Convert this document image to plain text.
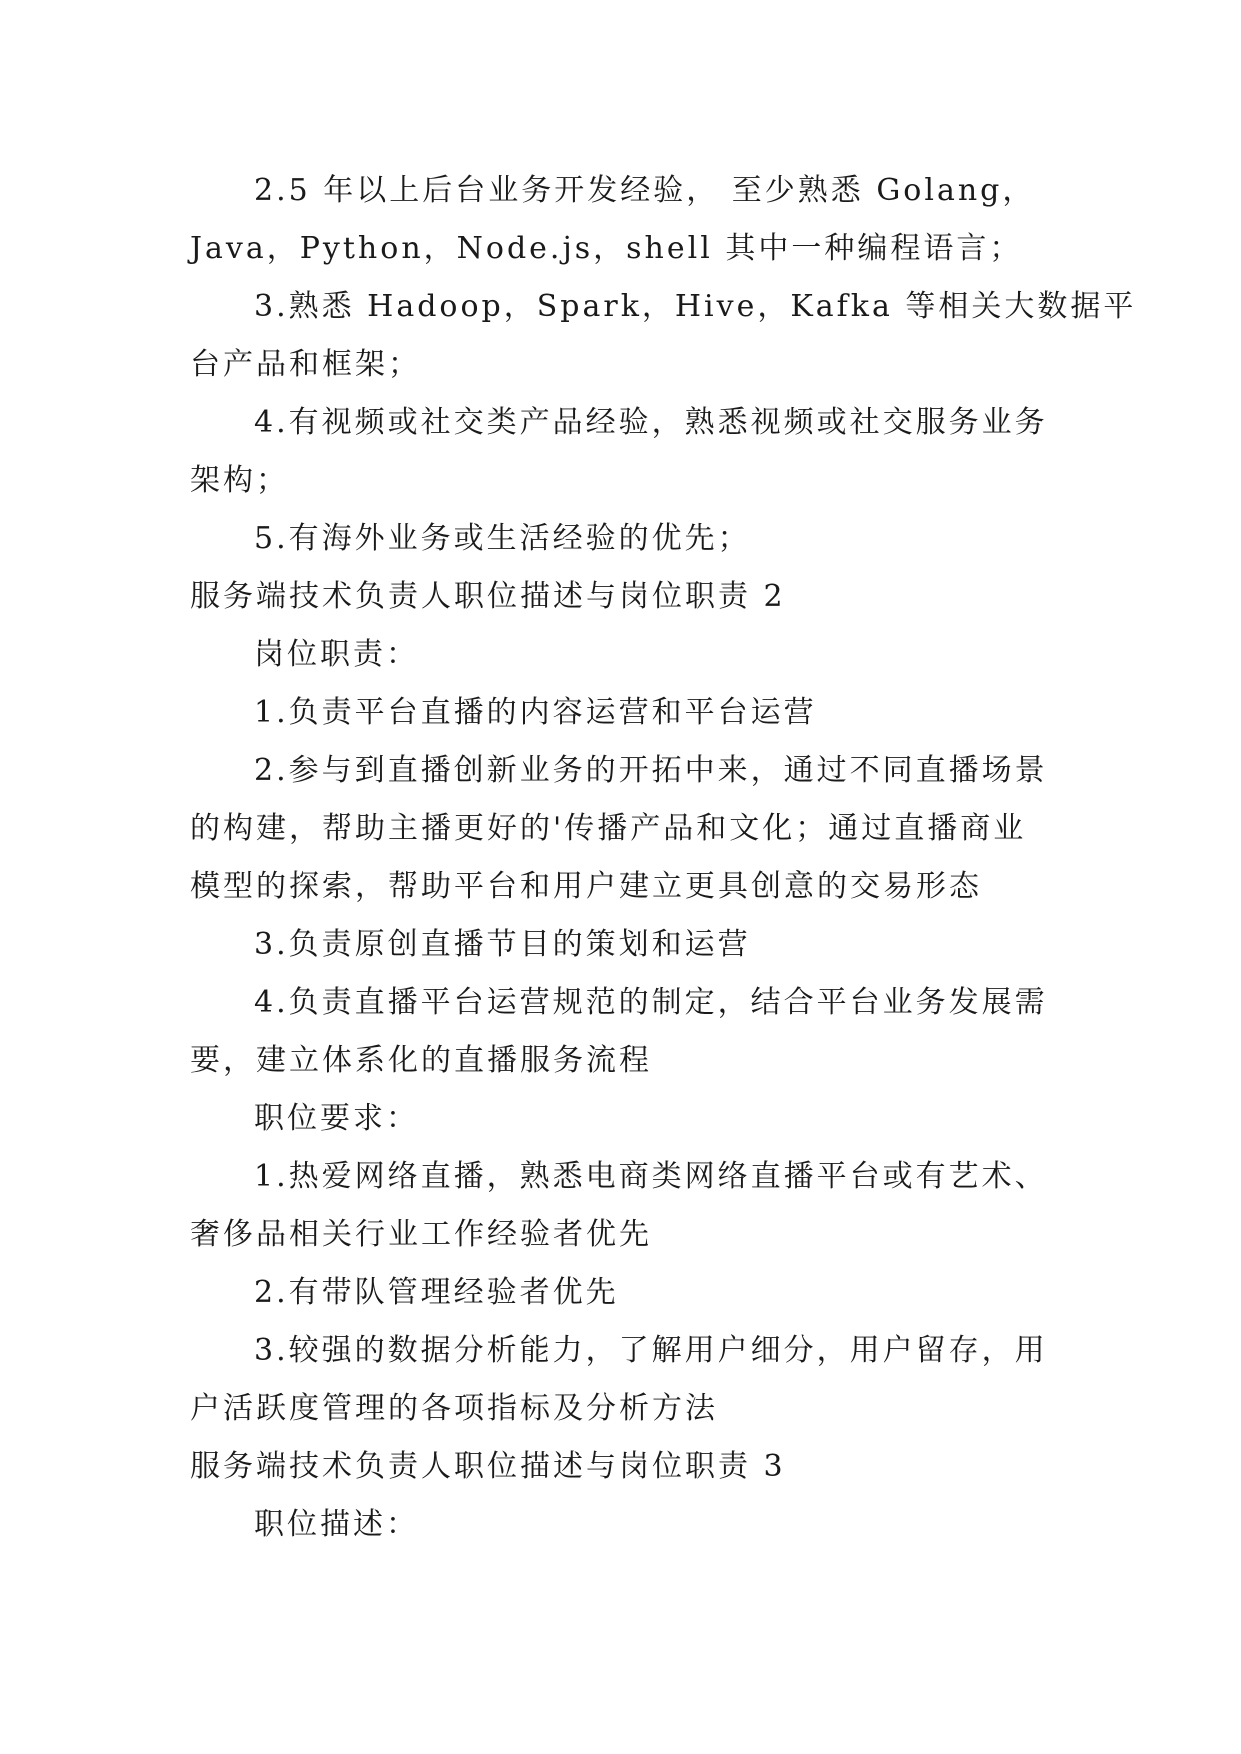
2.5 年以上后台业务开发经验， 至少熟悉 Golang，
Java，Python，Node.js，shell 其中一种编程语言；
3.熟悉 Hadoop，Spark，Hive，Kafka 等相关大数据平
台产品和框架；
4.有视频或社交类产品经验，熟悉视频或社交服务业务
架构；
5.有海外业务或生活经验的优先；
服务端技术负责人职位描述与岗位职责 2
岗位职责：
1.负责平台直播的内容运营和平台运营
2.参与到直播创新业务的开拓中来，通过不同直播场景
的构建，帮助主播更好的'传播产品和文化；通过直播商业
模型的探索，帮助平台和用户建立更具创意的交易形态
3.负责原创直播节目的策划和运营
4.负责直播平台运营规范的制定，结合平台业务发展需
要，建立体系化的直播服务流程
职位要求：
1.热爱网络直播，熟悉电商类网络直播平台或有艺术、
奢侈品相关行业工作经验者优先
2.有带队管理经验者优先
3.较强的数据分析能力，了解用户细分，用户留存，用
户活跃度管理的各项指标及分析方法
服务端技术负责人职位描述与岗位职责 3
职位描述：
